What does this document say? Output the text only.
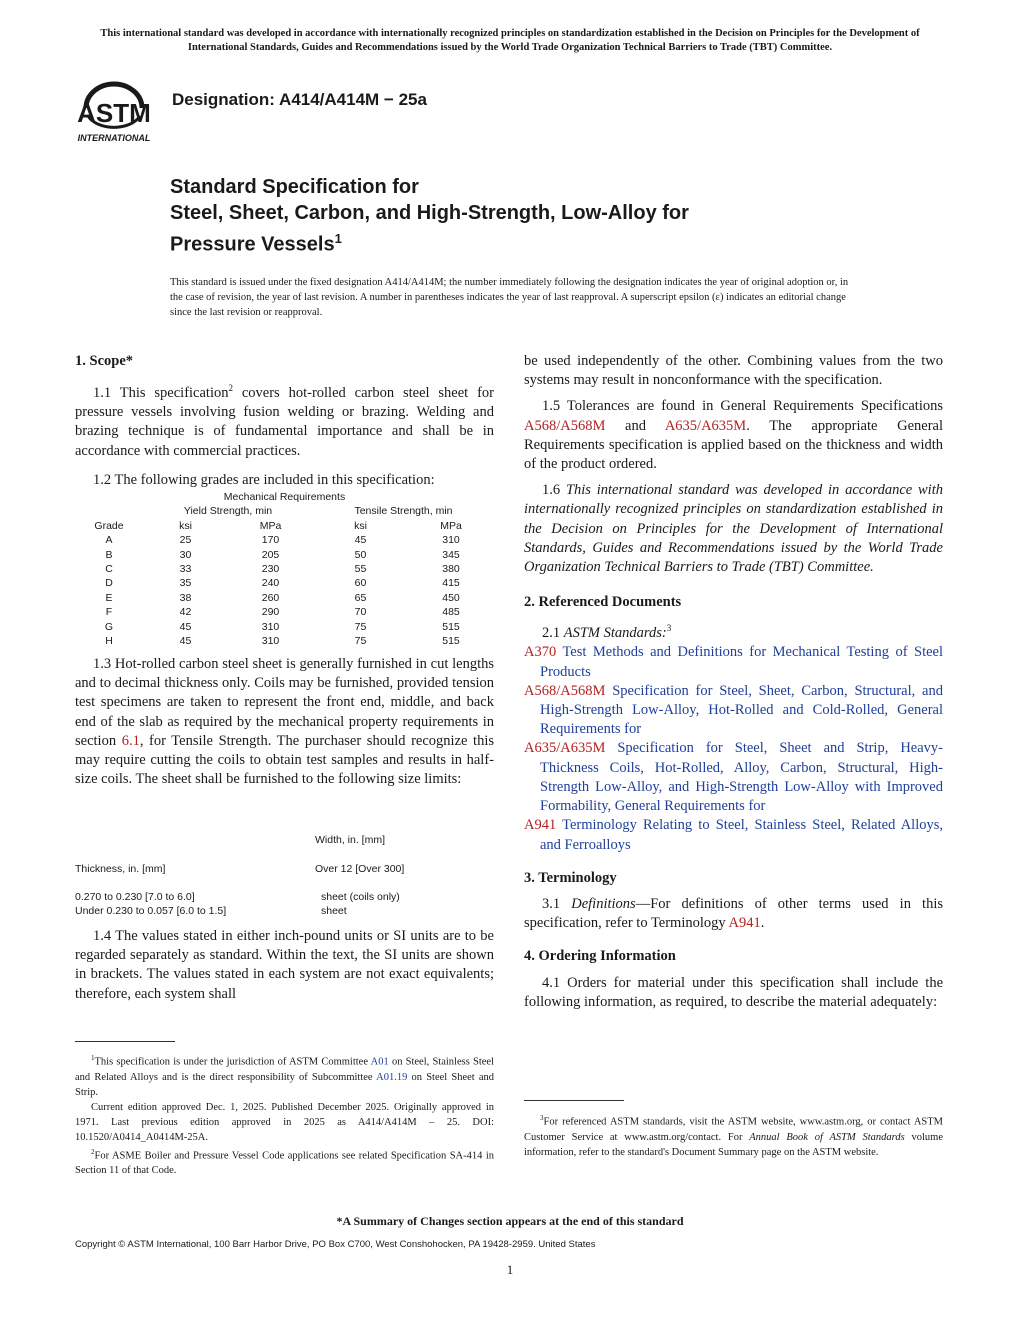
This international standard was developed in accordance with internationally recognized principles on standardization established in the Decision on Principles for the Development of International Standards, Guides and Recommendations issued by the World Trade Organization Technical Barriers to Trade (TBT) Committee.
ASTM
INTERNATIONAL
Designation: A414/A414M − 25a
Standard Specification for
Steel, Sheet, Carbon, and High-Strength, Low-Alloy for
Pressure Vessels$^1$
This standard is issued under the fixed designation A414/A414M; the number immediately following the designation indicates the year of original adoption or, in the case of revision, the year of last revision. A number in parentheses indicates the year of last reapproval. A superscript epsilon (ε) indicates an editorial change since the last revision or reapproval.
1. Scope*

1.1 This specification$^2$ covers hot-rolled carbon steel sheet for pressure vessels involving fusion welding or brazing. Welding and brazing technique is of fundamental importance and shall be in accordance with commercial practices.

1.2 The following grades are included in this specification:

Mechanical Requirements				
	Yield Strength, min		Tensile Strength, min	
Grade	ksi	MPa	ksi	MPa
A	25	170	45	310
B	30	205	50	345
C	33	230	55	380
D	35	240	60	415
E	38	260	65	450
F	42	290	70	485
G	45	310	75	515
H	45	310	75	515

1.3 Hot-rolled carbon steel sheet is generally furnished in cut lengths and to decimal thickness only. Coils may be furnished, provided tension test specimens are taken to represent the front end, middle, and back end of the slab as required by the mechanical property requirements in section 6.1, for Tensile Strength. The purchaser should recognize this may require cutting the coils to obtain test samples and results in half-size coils. The sheet shall be furnished to the following size limits:

Width, in. [mm]
Thickness, in. [mm]	Over 12 [Over 300]
0.270 to 0.230 [7.0 to 6.0]	sheet (coils only)
Under 0.230 to 0.057 [6.0 to 1.5]	sheet

1.4 The values stated in either inch-pound units or SI units are to be regarded separately as standard. Within the text, the SI units are shown in brackets. The values stated in each system are not exact equivalents; therefore, each system shall

$^1$This specification is under the jurisdiction of ASTM Committee A01 on Steel, Stainless Steel and Related Alloys and is the direct responsibility of Subcommittee A01.19 on Steel Sheet and Strip.

Current edition approved Dec. 1, 2025. Published December 2025. Originally approved in 1971. Last previous edition approved in 2025 as A414/A414M – 25. DOI: 10.1520/A0414_A0414M-25A.

$^2$For ASME Boiler and Pressure Vessel Code applications see related Specification SA-414 in Section 11 of that Code.

be used independently of the other. Combining values from the two systems may result in nonconformance with the specification.

1.5 Tolerances are found in General Requirements Specifications A568/A568M and A635/A635M. The appropriate General Requirements specification is applied based on the thickness and width of the product ordered.

1.6 This international standard was developed in accordance with internationally recognized principles on standardization established in the Decision on Principles for the Development of International Standards, Guides and Recommendations issued by the World Trade Organization Technical Barriers to Trade (TBT) Committee.

2. Referenced Documents

2.1 ASTM Standards:$^3$

A370 Test Methods and Definitions for Mechanical Testing of Steel Products

A568/A568M Specification for Steel, Sheet, Carbon, Structural, and High-Strength Low-Alloy, Hot-Rolled and Cold-Rolled, General Requirements for

A635/A635M Specification for Steel, Sheet and Strip, Heavy-Thickness Coils, Hot-Rolled, Alloy, Carbon, Structural, High-Strength Low-Alloy, and High-Strength Low-Alloy with Improved Formability, General Requirements for

A941 Terminology Relating to Steel, Stainless Steel, Related Alloys, and Ferroalloys

3. Terminology

3.1 Definitions—For definitions of other terms used in this specification, refer to Terminology A941.

4. Ordering Information

4.1 Orders for material under this specification shall include the following information, as required, to describe the material adequately:

$^3$For referenced ASTM standards, visit the ASTM website, www.astm.org, or contact ASTM Customer Service at www.astm.org/contact. For Annual Book of ASTM Standards volume information, refer to the standard's Document Summary page on the ASTM website.

*A Summary of Changes section appears at the end of this standard
Copyright © ASTM International, 100 Barr Harbor Drive, PO Box C700, West Conshohocken, PA 19428-2959. United States
1
